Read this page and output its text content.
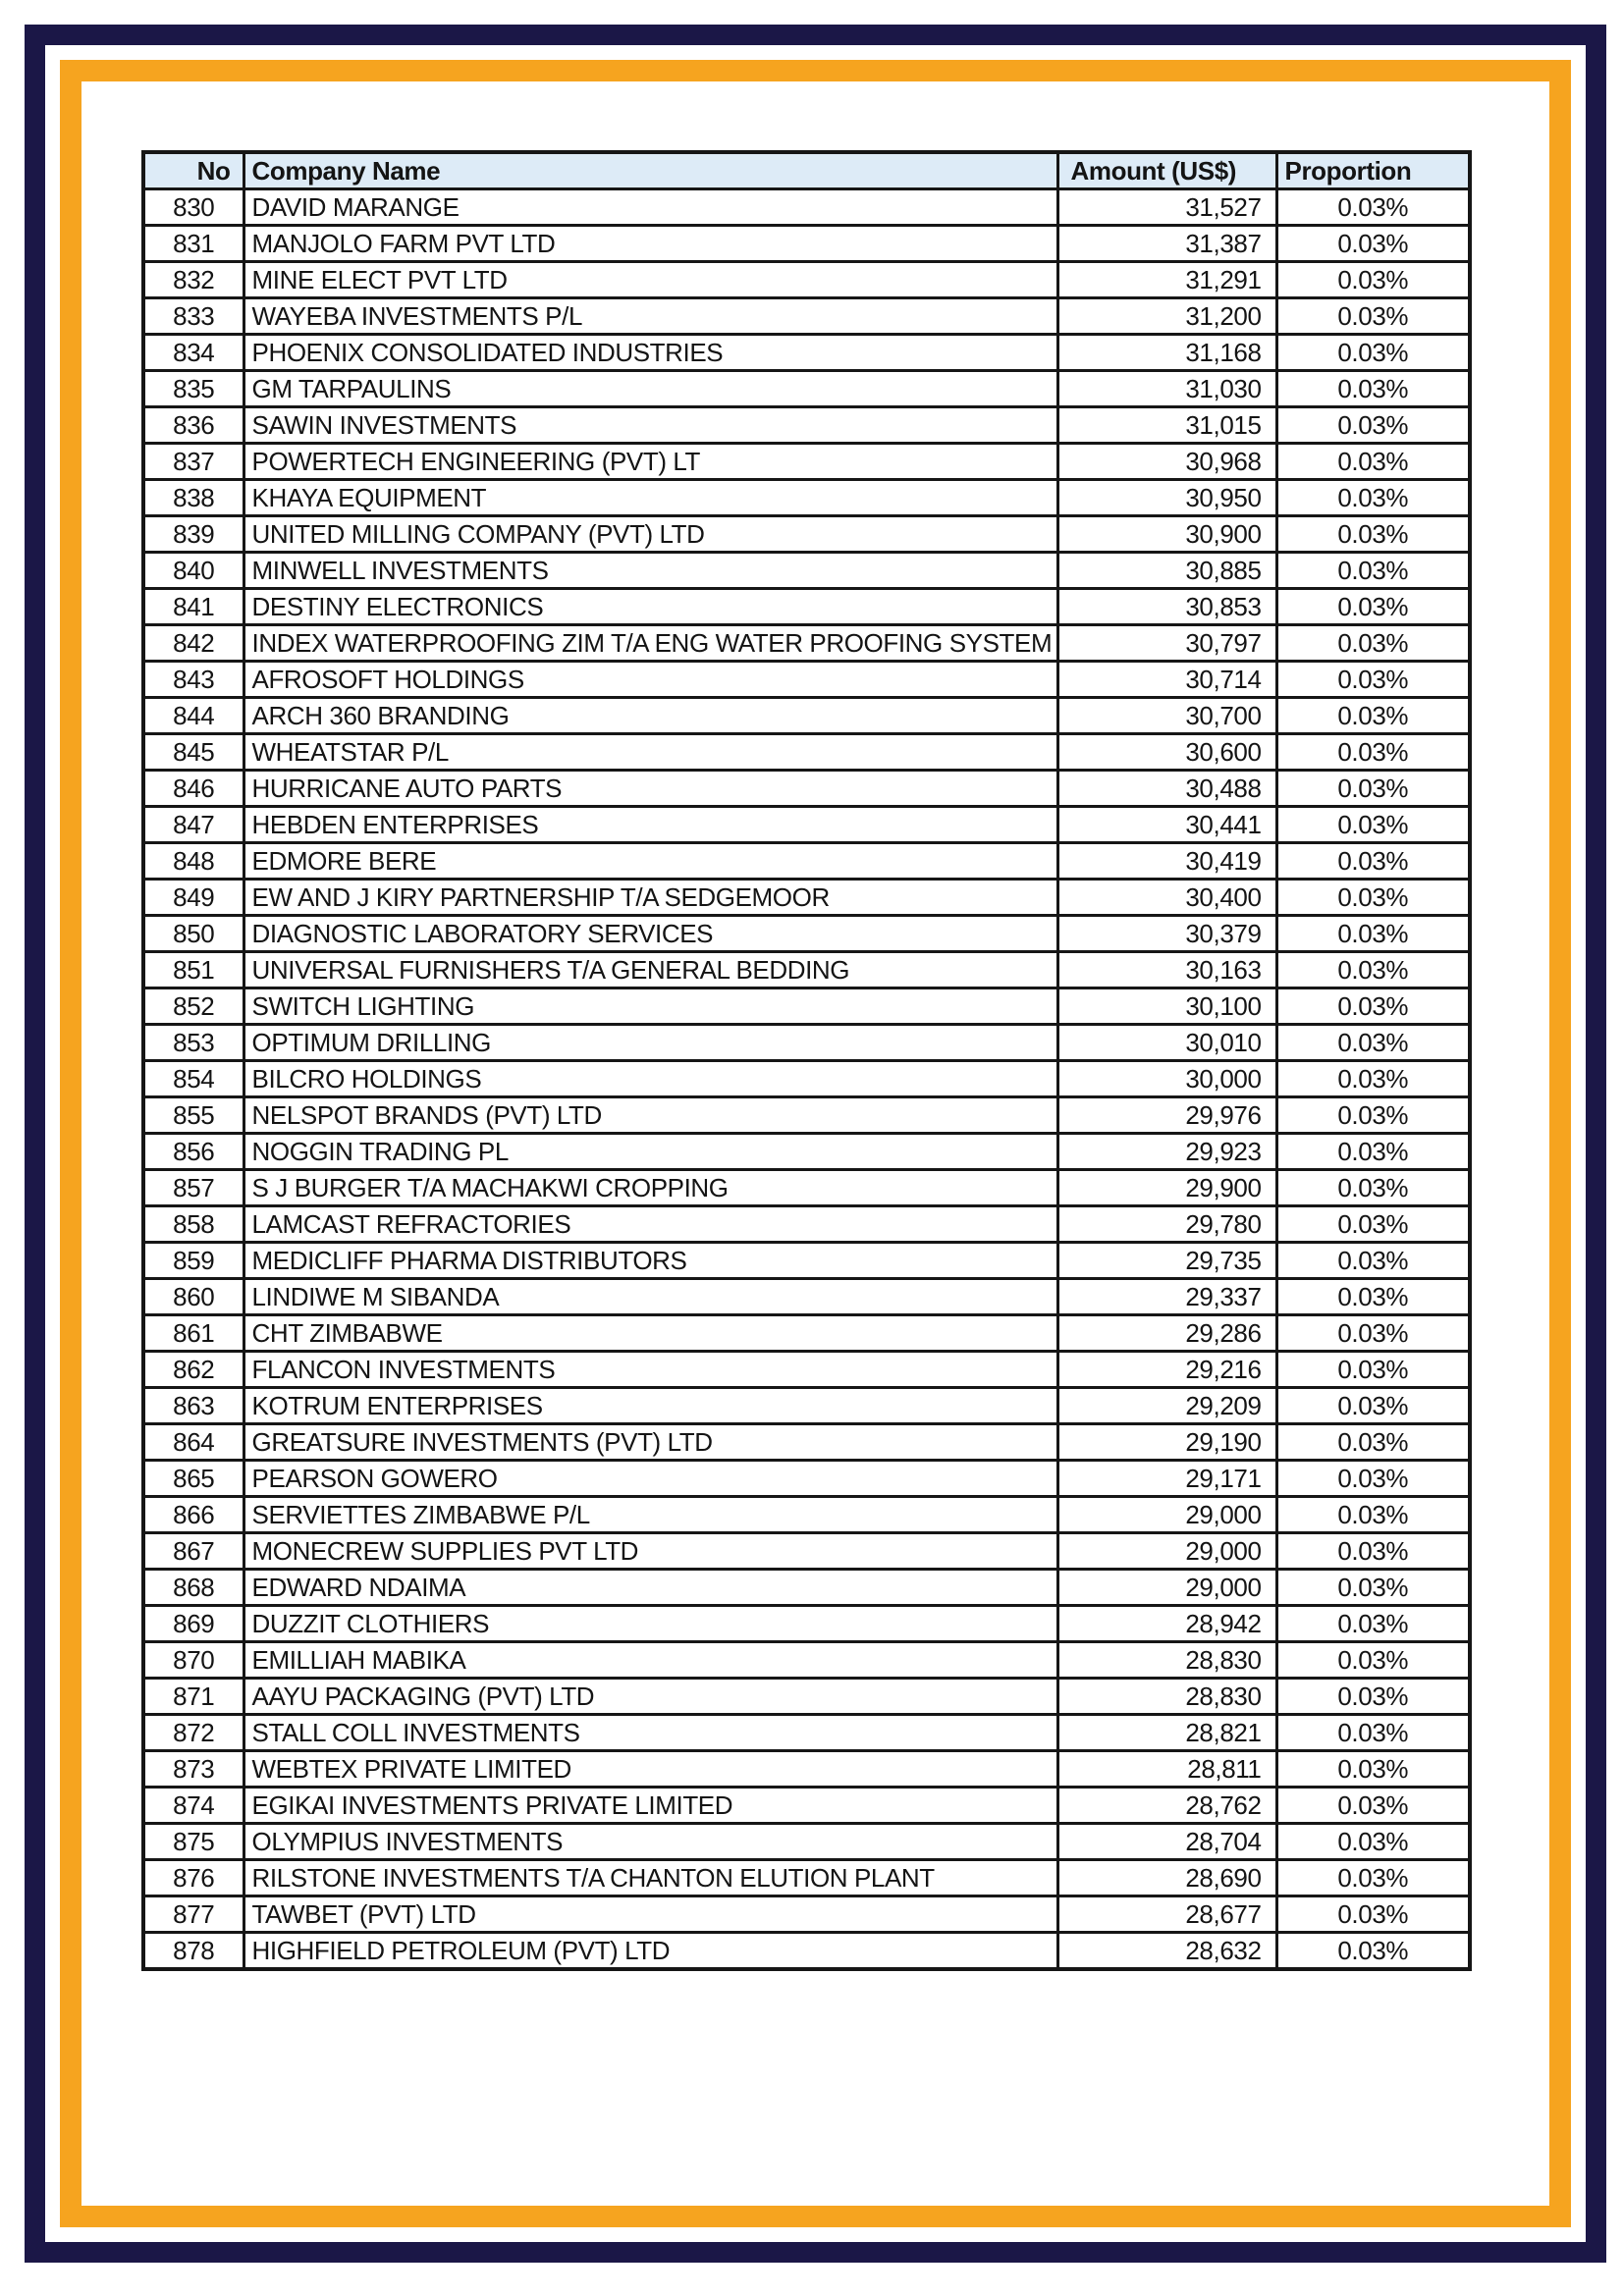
No	Company Name	Amount (US$)	Proportion
830	DAVID MARANGE	31,527	0.03%
831	MANJOLO FARM PVT LTD	31,387	0.03%
832	MINE ELECT PVT LTD	31,291	0.03%
833	WAYEBA INVESTMENTS P/L	31,200	0.03%
834	PHOENIX CONSOLIDATED INDUSTRIES	31,168	0.03%
835	GM TARPAULINS	31,030	0.03%
836	SAWIN INVESTMENTS	31,015	0.03%
837	POWERTECH ENGINEERING (PVT) LT	30,968	0.03%
838	KHAYA EQUIPMENT	30,950	0.03%
839	UNITED MILLING COMPANY (PVT) LTD	30,900	0.03%
840	MINWELL INVESTMENTS	30,885	0.03%
841	DESTINY ELECTRONICS	30,853	0.03%
842	INDEX WATERPROOFING ZIM T/A ENG WATER PROOFING SYSTEM	30,797	0.03%
843	AFROSOFT HOLDINGS	30,714	0.03%
844	ARCH 360 BRANDING	30,700	0.03%
845	WHEATSTAR P/L	30,600	0.03%
846	HURRICANE AUTO PARTS	30,488	0.03%
847	HEBDEN ENTERPRISES	30,441	0.03%
848	EDMORE BERE	30,419	0.03%
849	EW AND J KIRY PARTNERSHIP T/A SEDGEMOOR	30,400	0.03%
850	DIAGNOSTIC LABORATORY SERVICES	30,379	0.03%
851	UNIVERSAL FURNISHERS T/A GENERAL BEDDING	30,163	0.03%
852	SWITCH LIGHTING	30,100	0.03%
853	OPTIMUM DRILLING	30,010	0.03%
854	BILCRO HOLDINGS	30,000	0.03%
855	NELSPOT BRANDS (PVT) LTD	29,976	0.03%
856	NOGGIN TRADING PL	29,923	0.03%
857	S J BURGER T/A MACHAKWI CROPPING	29,900	0.03%
858	LAMCAST REFRACTORIES	29,780	0.03%
859	MEDICLIFF PHARMA DISTRIBUTORS	29,735	0.03%
860	LINDIWE M SIBANDA	29,337	0.03%
861	CHT ZIMBABWE	29,286	0.03%
862	FLANCON INVESTMENTS	29,216	0.03%
863	KOTRUM ENTERPRISES	29,209	0.03%
864	GREATSURE INVESTMENTS (PVT) LTD	29,190	0.03%
865	PEARSON GOWERO	29,171	0.03%
866	SERVIETTES ZIMBABWE P/L	29,000	0.03%
867	MONECREW SUPPLIES PVT LTD	29,000	0.03%
868	EDWARD NDAIMA	29,000	0.03%
869	DUZZIT CLOTHIERS	28,942	0.03%
870	EMILLIAH MABIKA	28,830	0.03%
871	AAYU PACKAGING (PVT) LTD	28,830	0.03%
872	STALL COLL INVESTMENTS	28,821	0.03%
873	WEBTEX PRIVATE LIMITED	28,811	0.03%
874	EGIKAI INVESTMENTS PRIVATE LIMITED	28,762	0.03%
875	OLYMPIUS INVESTMENTS	28,704	0.03%
876	RILSTONE INVESTMENTS T/A CHANTON ELUTION PLANT	28,690	0.03%
877	TAWBET (PVT) LTD	28,677	0.03%
878	HIGHFIELD PETROLEUM (PVT) LTD	28,632	0.03%
